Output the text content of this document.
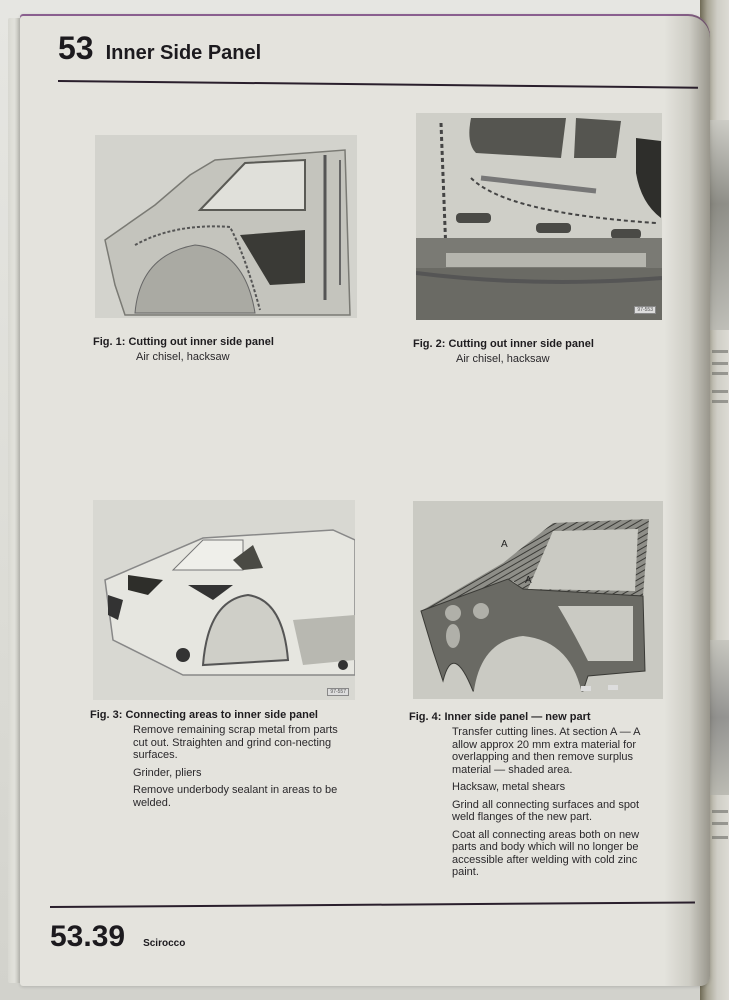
53 Inner Side Panel
Fig. 1: Cutting out inner side panel

Air chisel, hacksaw

97-553
Fig. 2: Cutting out inner side panel

Air chisel, hacksaw

97-557
Fig. 3: Connecting areas to inner side panel

Remove remaining scrap metal from parts cut out. Straighten and grind con-necting surfaces.

Grinder, pliers

Remove underbody sealant in areas to be welded.

A
A
Fig. 4: Inner side panel — new part

Transfer cutting lines. At section A — A allow approx 20 mm extra material for overlapping and then remove surplus material — shaded area.

Hacksaw, metal shears

Grind all connecting surfaces and spot weld flanges of the new part.

Coat all connecting areas both on new parts and body which will no longer be accessible after welding with cold zinc paint.

53.39 Scirocco
